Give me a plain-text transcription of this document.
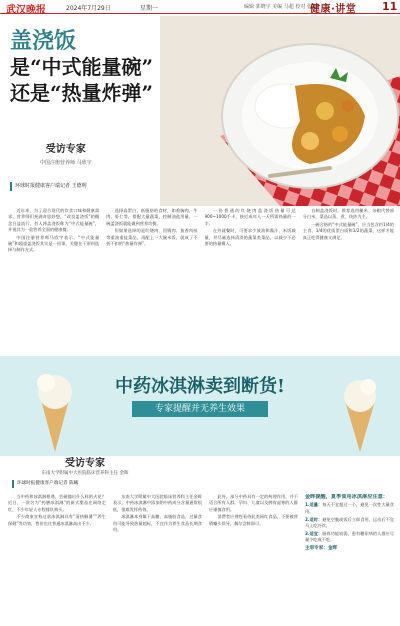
武汉晚报	2024年7月29日	星期一	编辑 郭晓宇 美编 马超 校对 张宪
健康·讲堂 11
盖浇饭
是“中式能量碗”
还是“热量炸弹”
受访专家
中国注册营养师 马欣宇
环球时报健康客户端记者 王德明

近年来，为了迎合现代的饮食口味和健康需求，营养师们充满奇思妙想，“改良盖浇饭”的概念日益流行。有人将盖浇饭称为“中式能量碗”，并视其为一款营养全面的健康餐。

中国注册营养师马欣宇表示，“中式能量碗”和超重盖浇饭其实是一回事，关键在于原料选择与制作方式。

选择高蛋白、低脂肪的食材，如鸡胸肉、牛肉、虾仁等，搭配大量蔬菜，控制油盐用量，一碗盖浇饭就能做到营养均衡。

但如果选择的是红烧肉、回锅肉、鱼香肉丝等重油重盐菜品，再配上一大碗米饭，就成了不折不扣的“热量炸弹”。

一份普通的红烧肉盖浇饭热量可达900~1000千卡，接近成年人一天所需热量的一半。

在外就餐时，可要求少放油和酱汁，米饭减量，并尽量选择清淡的蔬菜类菜品，以减少不必要的热量摄入。

自制盖浇饭时，推荐选用糙米、杂粮代替部分白米，菜品以蒸、煮、快炒为主。

一碗合格的“中式能量碗”，应当包含约1/4的主食、1/4的优质蛋白质和1/2的蔬菜，这样才能真正吃得健康又满足。

中药冰淇淋卖到断货!
专家提醒并无养生效果
受访专家
东南大学附属中大医院临床营养科主任 金晖
环球时报健康客户端记者 陈曦

当中药和冰淇淋相遇，会碰撞出什么样的火花？近日，一款名为“药膳冰淇淋”的新式甜品在网络走红，不少年轻人专程排队购买。

不少商家宣称这款冰淇淋具有“清热解暑”“养生保健”等功效，售价也比普通冰淇淋高出不少。

东南大学附属中大医院临床营养科主任金晖表示，中药冰淇淋中添加的中药成分含量通常很低，很难发挥药效。

冰淇淋本身属于高糖、高脂肪食品，过量食用可能导致热量超标，不宜作为养生食品长期食用。

此外，部分中药具有一定的药理作用，并不适合所有人群。孕妇、儿童以及脾胃虚寒的人群应谨慎食用。

消费者应理性看待此类网红食品，不要被营销噱头误导，偶尔尝鲜即可。

金晖提醒，夏季食用冰淇淋应注意：
1.适量：每天不宜超过一个，避免一次性大量食用。
2.适时：避免空腹或饭后立即食用，运动后不宜马上吃冷饮。
3.适宜：肠胃功能较弱、患有糖尿病的人群应尽量少吃或不吃。
主审专家：金晖
